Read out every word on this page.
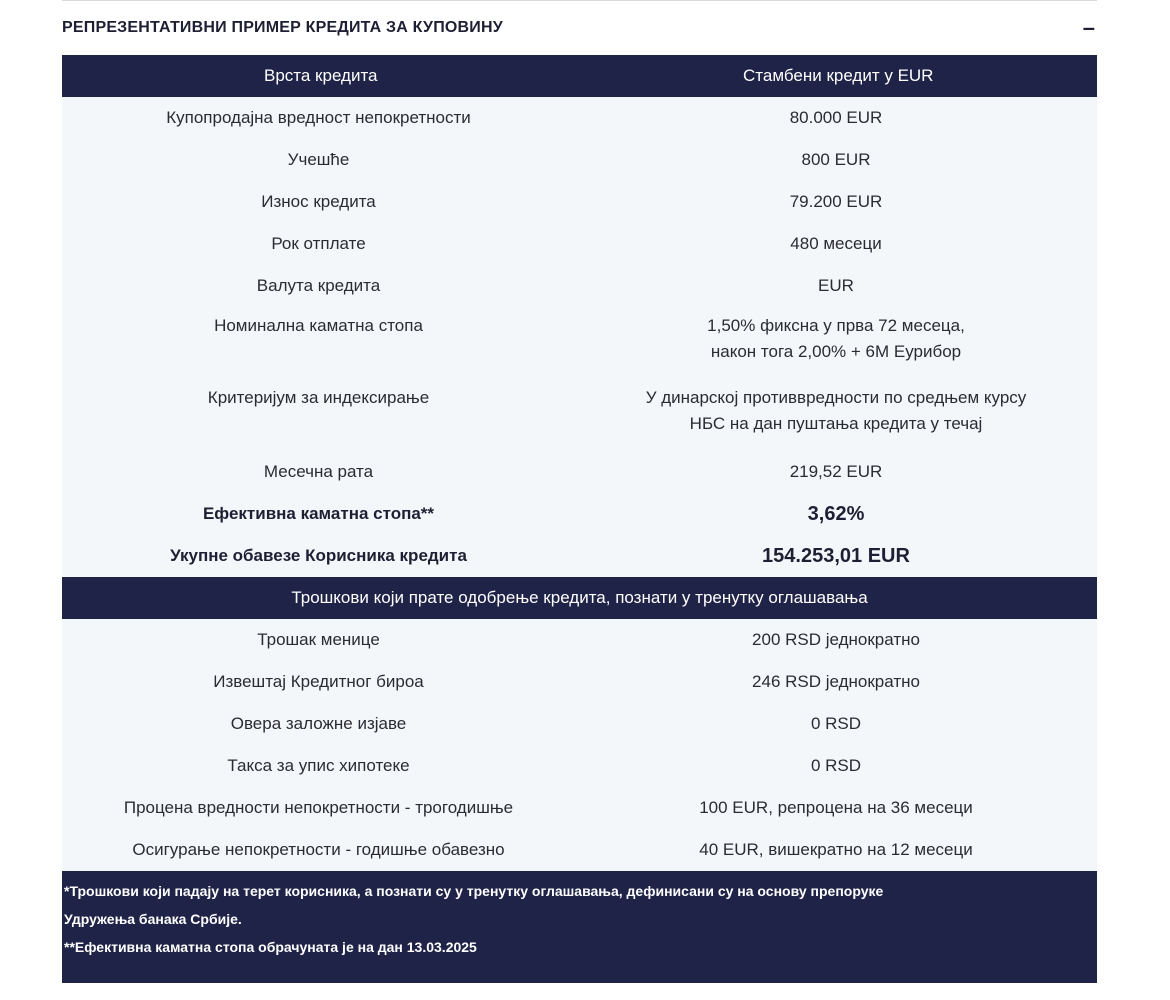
РЕПРЕЗЕНТАТИВНИ ПРИМЕР КРЕДИТА ЗА КУПОВИНУ	–
Врста кредита	Стамбени кредит у EUR
Купопродајна вредност непокретности	80.000 EUR
Учешће	800 EUR
Износ кредита	79.200 EUR
Рок отплате	480 месеци
Валута кредита	EUR
Номинална каматна стопа	1,50% фиксна у прва 72 месеца,
након тога 2,00% + 6М Еурибор
Критеријум за индексирање	У динарској противвредности по средњем курсу
НБС на дан пуштања кредита у течај
Месечна рата	219,52 EUR
Ефективна каматна стопа**	3,62%
Укупне обавезе Корисника кредита	154.253,01 EUR
Трошкови који прате одобрење кредита, познати у тренутку оглашавања
Трошак менице	200 RSD једнократно
Извештај Кредитног бироа	246 RSD једнократно
Овера заложне изјаве	0 RSD
Такса за упис хипотеке	0 RSD
Процена вредности непокретности - трогодишње	100 EUR, репроцена на 36 месеци
Осигурање непокретности - годишње обавезно	40 EUR, вишекратно на 12 месеци
*Трошкови који падају на терет корисника, а познати су у тренутку оглашавања, дефинисани су на основу препоруке
Удружења банака Србије.
**Ефективна каматна стопа обрачуната је на дан 13.03.2025
